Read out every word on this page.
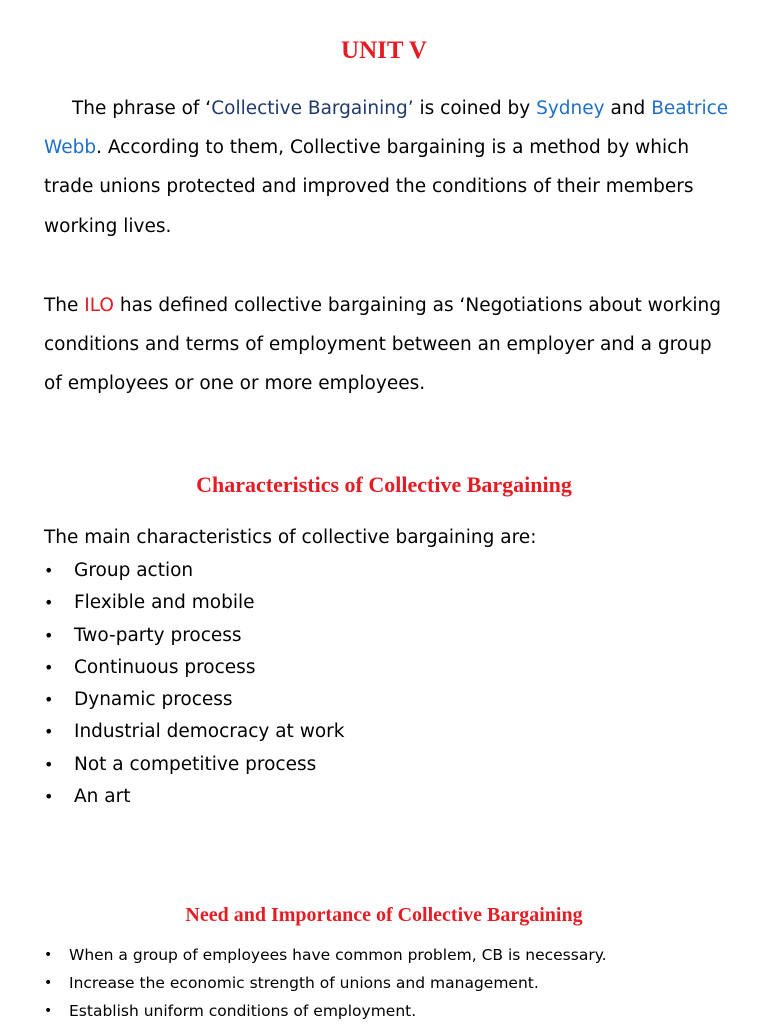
UNIT V

The phrase of ‘Collective Bargaining’ is coined by Sydney and Beatrice Webb. According to them, Collective bargaining is a method by which trade unions protected and improved the conditions of their members working lives.

The ILO has defined collective bargaining as ‘Negotiations about working conditions and terms of employment between an employer and a group of employees or one or more employees.

Characteristics of Collective Bargaining

The main characteristics of collective bargaining are:

•	Group action
•	Flexible and mobile
•	Two-party process
•	Continuous process
•	Dynamic process
•	Industrial democracy at work
•	Not a competitive process
•	An art
Need and Importance of Collective Bargaining
•	When a group of employees have common problem, CB is necessary.
•	Increase the economic strength of unions and management.
•	Establish uniform conditions of employment.
